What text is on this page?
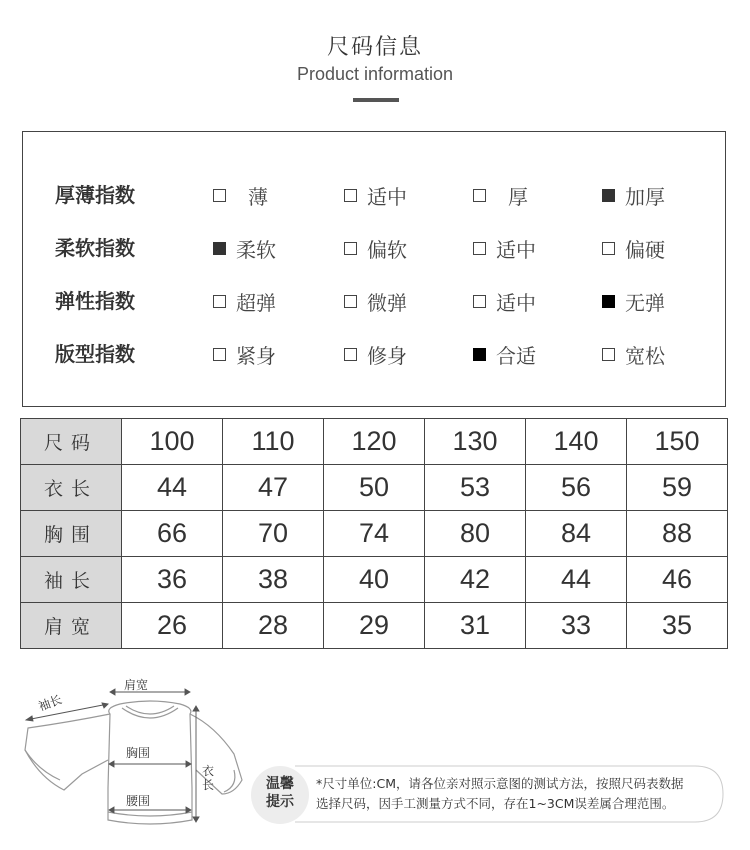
尺码信息
Product information
厚薄指数	薄	适中	厚	加厚
柔软指数	柔软	偏软	适中	偏硬
弹性指数	超弹	微弹	适中	无弹
版型指数	紧身	修身	合适	宽松
尺码	100	110	120	130	140	150
衣长	44	47	50	53	56	59
胸围	66	70	74	80	84	88
袖长	36	38	40	42	44	46
肩宽	26	28	29	31	33	35
袖长
肩宽
胸围
衣长
腰围
温馨
提示
*尺寸单位:CM，请各位亲对照示意图的测试方法，按照尺码表数据
选择尺码，因手工测量方式不同，存在1~3CM误差属合理范围。
